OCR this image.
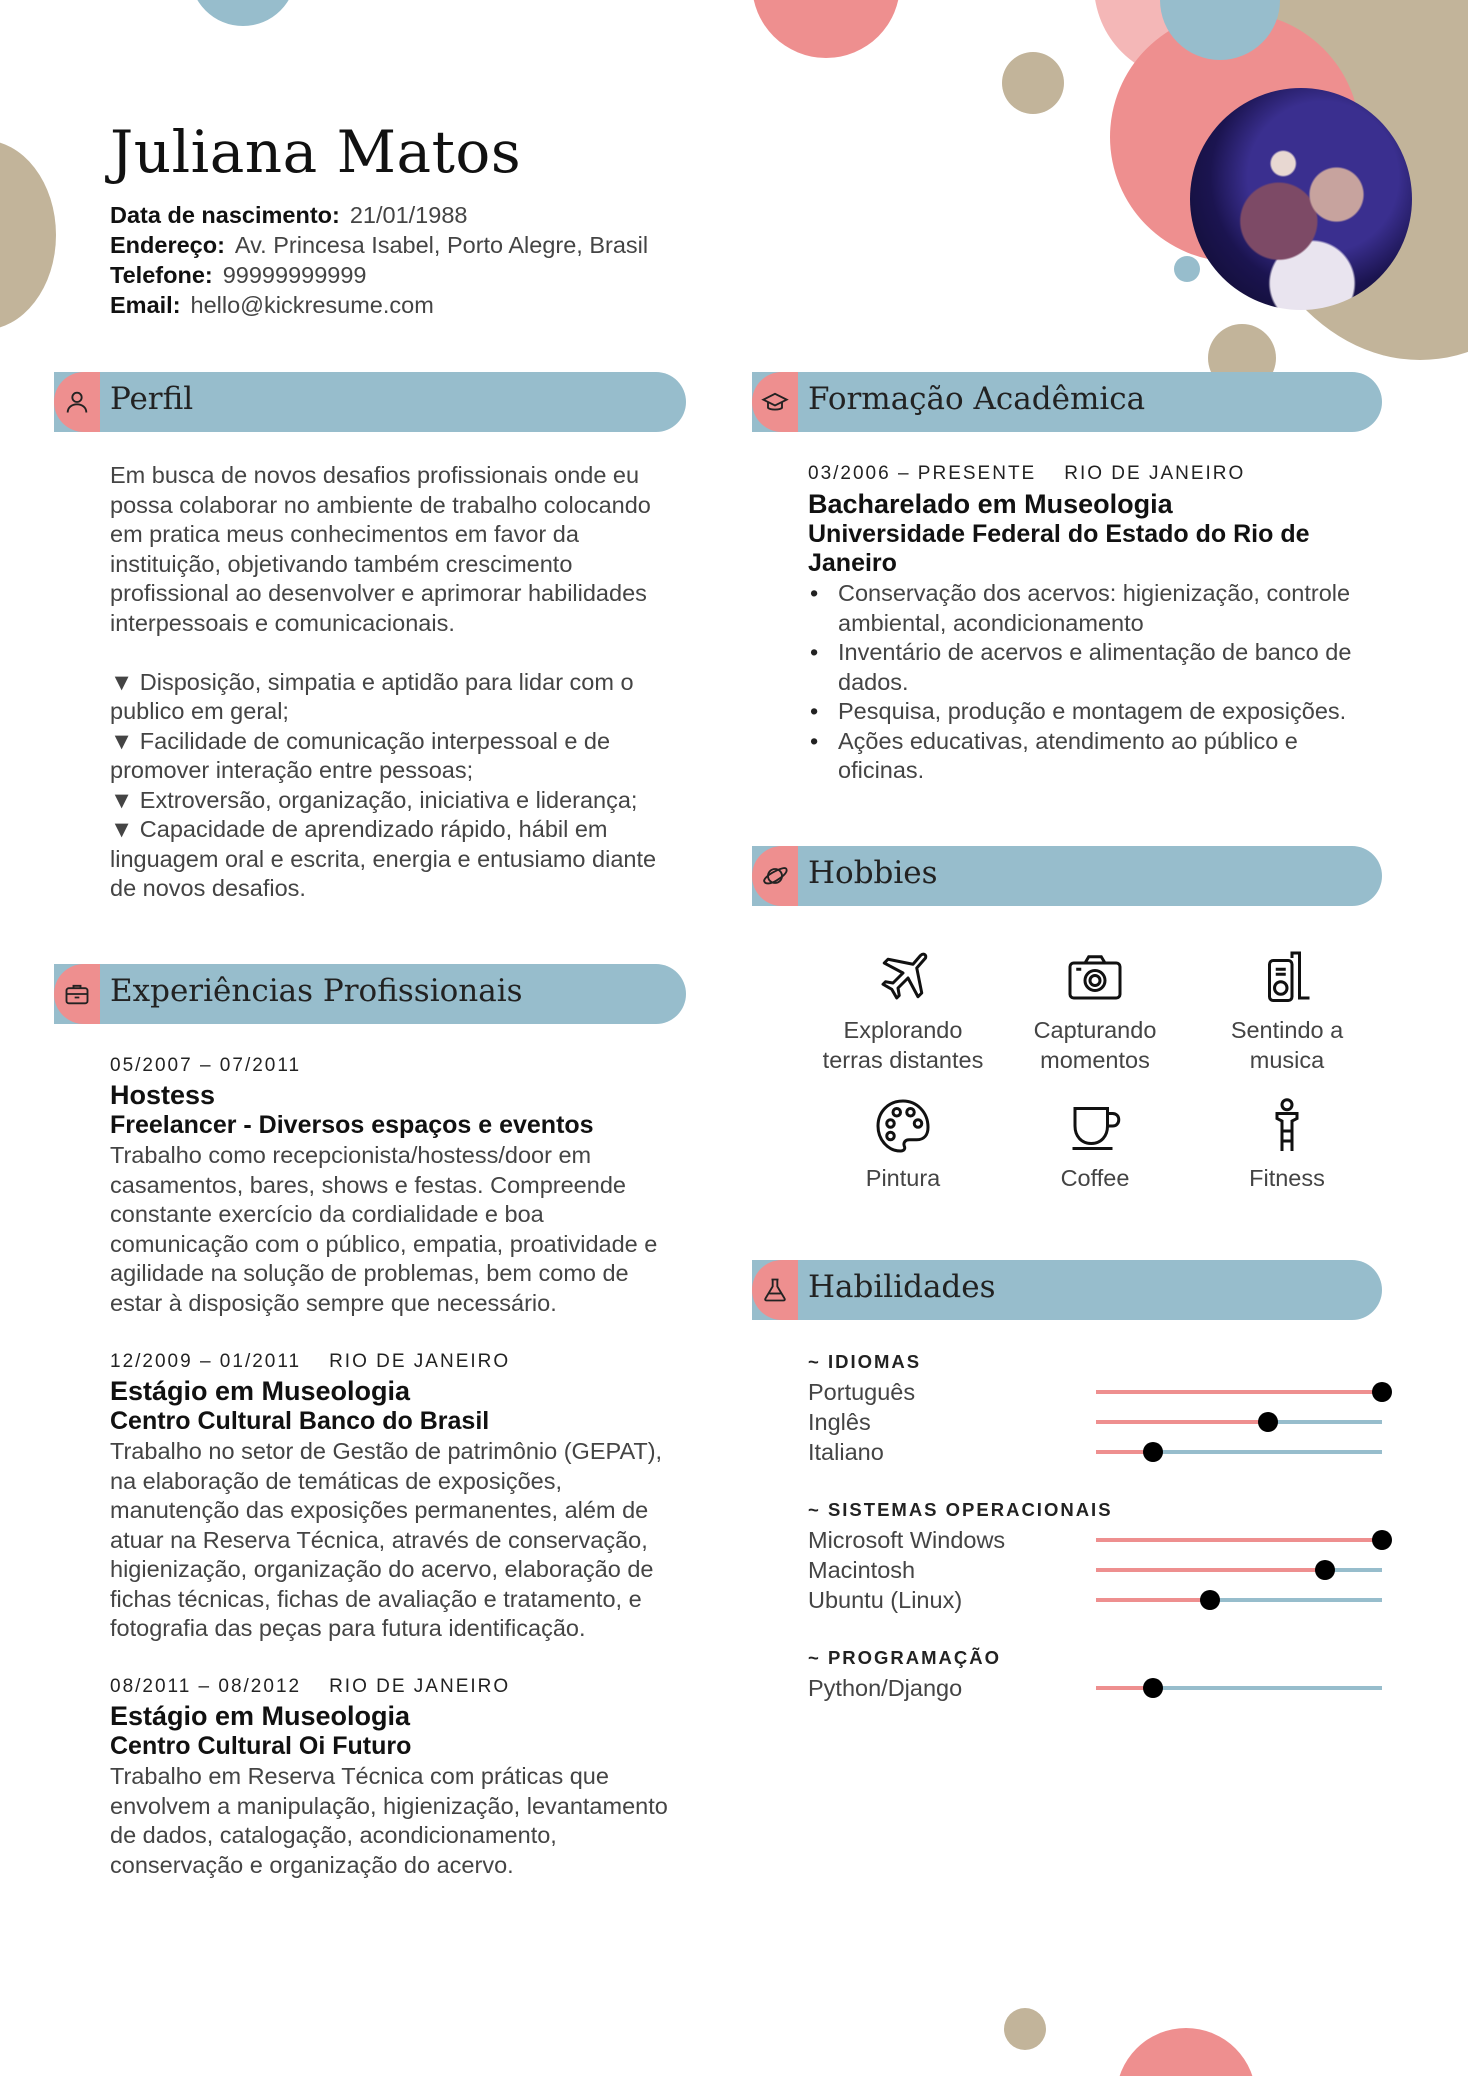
Juliana Matos
Data de nascimento: 21/01/1988
Endereço: Av. Princesa Isabel, Porto Alegre, Brasil
Telefone: 99999999999
Email: hello@kickresume.com
Perfil
Em busca de novos desafios profissionais onde eu
possa colaborar no ambiente de trabalho colocando
em pratica meus conhecimentos em favor da
instituição, objetivando também crescimento
profissional ao desenvolver e aprimorar habilidades
interpessoais e comunicacionais.

▼ Disposição, simpatia e aptidão para lidar com o
publico em geral;
▼ Facilidade de comunicação interpessoal e de
promover interação entre pessoas;
▼ Extroversão, organização, iniciativa e liderança;
▼ Capacidade de aprendizado rápido, hábil em
linguagem oral e escrita, energia e entusiamo diante
de novos desafios.
Experiências Profissionais
05/2007 – 07/2011
Hostess
Freelancer - Diversos espaços e eventos
Trabalho como recepcionista/hostess/door em
casamentos, bares, shows e festas. Compreende
constante exercício da cordialidade e boa
comunicação com o público, empatia, proatividade e
agilidade na solução de problemas, bem como de
estar à disposição sempre que necessário.
12/2009 – 01/2011 RIO DE JANEIRO
Estágio em Museologia
Centro Cultural Banco do Brasil
Trabalho no setor de Gestão de patrimônio (GEPAT),
na elaboração de temáticas de exposições,
manutenção das exposições permanentes, além de
atuar na Reserva Técnica, através de conservação,
higienização, organização do acervo, elaboração de
fichas técnicas, fichas de avaliação e tratamento, e
fotografia das peças para futura identificação.
08/2011 – 08/2012 RIO DE JANEIRO
Estágio em Museologia
Centro Cultural Oi Futuro
Trabalho em Reserva Técnica com práticas que
envolvem a manipulação, higienização, levantamento
de dados, catalogação, acondicionamento,
conservação e organização do acervo.
Formação Acadêmica
03/2006 – PRESENTE RIO DE JANEIRO
Bacharelado em Museologia
Universidade Federal do Estado do Rio de
Janeiro
• Conservação dos acervos: higienização, controle
ambiental, acondicionamento
• Inventário de acervos e alimentação de banco de
dados.
• Pesquisa, produção e montagem de exposições.
• Ações educativas, atendimento ao público e
oficinas.
Hobbies
Explorando
terras distantes
Capturando
momentos
Sentindo a
musica
Pintura	Coffee	Fitness
Habilidades
~ IDIOMAS
Português
Inglês
Italiano
~ SISTEMAS OPERACIONAIS
Microsoft Windows
Macintosh
Ubuntu (Linux)
~ PROGRAMAÇÃO
Python/Django
